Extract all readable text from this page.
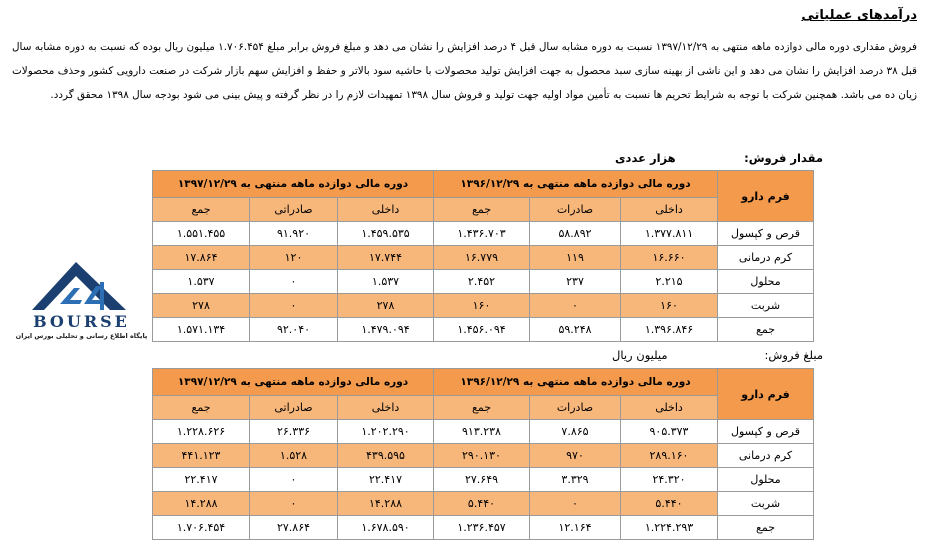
درآمدهای عملیاتی
فروش مقداری دوره مالی دوازده ماهه منتهی به ۱۳۹۷/۱۲/۲۹ نسبت به دوره مشابه سال قبل ۴ درصد افزایش را نشان می دهد و مبلغ فروش برابر مبلغ ۱.۷۰۶.۴۵۴ میلیون ریال بوده که نسبت به دوره مشابه سال قبل ۳۸ درصد افزایش را نشان می دهد و این ناشی از بهینه سازی سبد محصول به جهت افزایش تولید محصولات با حاشیه سود بالاتر و حفظ و افزایش سهم بازار شرکت در صنعت دارویی کشور وحذف محصولات زیان ده می باشد. همچنین شرکت با توجه به شرایط تحریم ها نسبت به تأمین مواد اولیه جهت تولید و فروش سال ۱۳۹۸ تمهیدات لازم را در نظر گرفته و پیش بینی می شود بودجه سال ۱۳۹۸ محقق گردد.
مقدار فروش:
هزار عددی
فرم دارو	دوره مالی دوازده ماهه منتهی به ۱۳۹۶/۱۲/۲۹			دوره مالی دوازده ماهه منتهی به ۱۳۹۷/۱۲/۲۹		
	داخلی	صادرات	جمع	داخلی	صادراتی	جمع
قرص و کپسول	۱.۳۷۷.۸۱۱	۵۸.۸۹۲	۱.۴۳۶.۷۰۳	۱.۴۵۹.۵۳۵	۹۱.۹۲۰	۱.۵۵۱.۴۵۵
کرم درمانی	۱۶.۶۶۰	۱۱۹	۱۶.۷۷۹	۱۷.۷۴۴	۱۲۰	۱۷.۸۶۴
محلول	۲.۲۱۵	۲۳۷	۲.۴۵۲	۱.۵۳۷	۰	۱.۵۳۷
شربت	۱۶۰	۰	۱۶۰	۲۷۸	۰	۲۷۸
جمع	۱.۳۹۶.۸۴۶	۵۹.۲۴۸	۱.۴۵۶.۰۹۴	۱.۴۷۹.۰۹۴	۹۲.۰۴۰	۱.۵۷۱.۱۳۴
مبلغ فروش:
میلیون ریال
فرم دارو	دوره مالی دوازده ماهه منتهی به ۱۳۹۶/۱۲/۲۹			دوره مالی دوازده ماهه منتهی به ۱۳۹۷/۱۲/۲۹		
	داخلی	صادرات	جمع	داخلی	صادراتی	جمع
قرص و کپسول	۹۰۵.۳۷۳	۷.۸۶۵	۹۱۳.۲۳۸	۱.۲۰۲.۲۹۰	۲۶.۳۳۶	۱.۲۲۸.۶۲۶
کرم درمانی	۲۸۹.۱۶۰	۹۷۰	۲۹۰.۱۳۰	۴۳۹.۵۹۵	۱.۵۲۸	۴۴۱.۱۲۳
محلول	۲۴.۳۲۰	۳.۳۲۹	۲۷.۶۴۹	۲۲.۴۱۷	۰	۲۲.۴۱۷
شربت	۵.۴۴۰	۰	۵.۴۴۰	۱۴.۲۸۸	۰	۱۴.۲۸۸
جمع	۱.۲۲۴.۲۹۳	۱۲.۱۶۴	۱.۲۳۶.۴۵۷	۱.۶۷۸.۵۹۰	۲۷.۸۶۴	۱.۷۰۶.۴۵۴
BOURSE
پایگاه اطلاع رسانی و تحلیلی بورس ایران
